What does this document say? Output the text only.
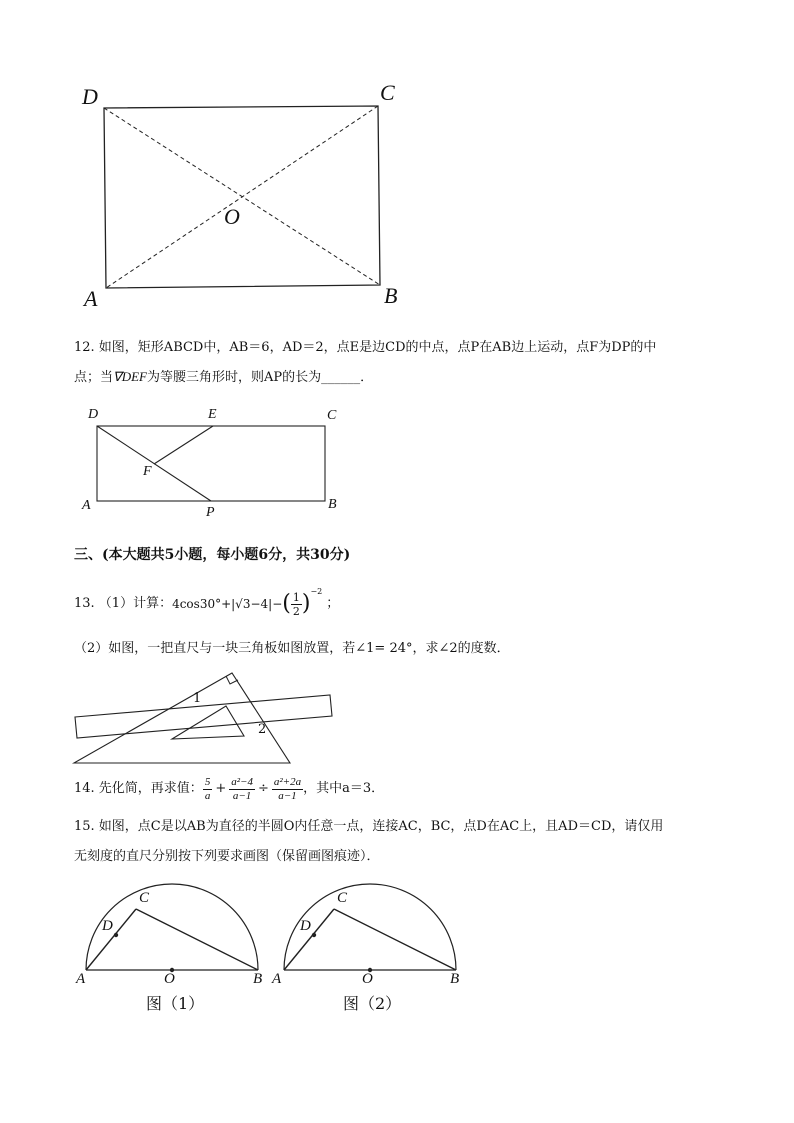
D	C
O
A	B
12. 如图，矩形ABCD中，AB＝6，AD＝2，点E是边CD的中点，点P在AB边上运动，点F为DP的中
点；当∇DEF为等腰三角形时，则AP的长为______．
D	E	C
F
A	P
B
三、(本大题共5小题，每小题6分，共30分)
13. （1）计算： 4cos30°+|√3−4|− ( $\frac{1}{2}$ ) −2
；
（2）如图，一把直尺与一块三角板如图放置，若∠1= 24°，求∠2的度数．
1
2
14. 先化简，再求值： $\frac{5}{a} + \frac{\text{a²−4}}{a-1} \div \frac{\text{a²+2a}}{a-1}$ ，其中a＝3．
15. 如图，点C是以AB为直径的半圆O内任意一点，连接AC，BC，点D在AC上，且AD＝CD，请仅用
无刻度的直尺分别按下列要求画图（保留画图痕迹）．
A	O	B
C
D
图（1）
A	O	B
C
D
图（2）
